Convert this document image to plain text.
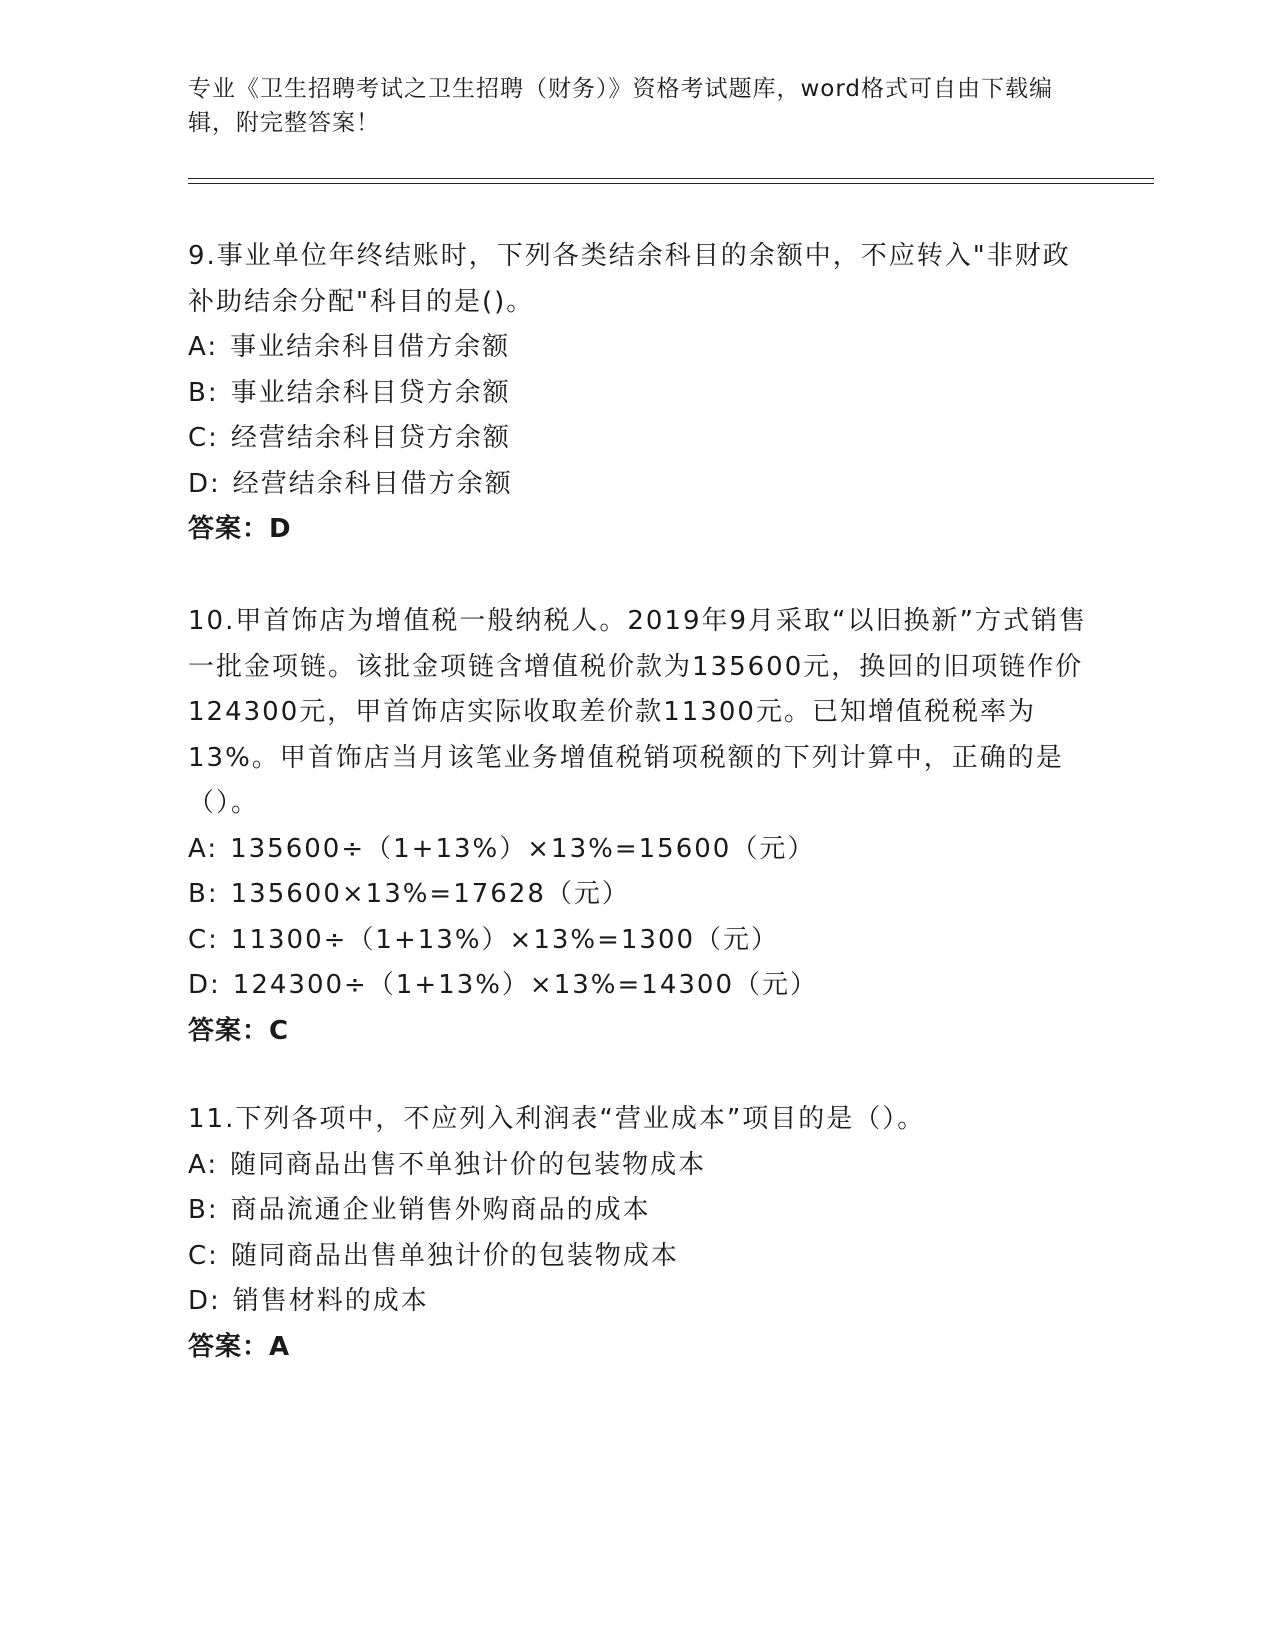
专业《卫生招聘考试之卫生招聘（财务）》资格考试题库，word格式可自由下载编辑，附完整答案！
9.事业单位年终结账时，下列各类结余科目的余额中，不应转入"非财政补助结余分配"科目的是()。
A: 事业结余科目借方余额
B: 事业结余科目贷方余额
C: 经营结余科目贷方余额
D: 经营结余科目借方余额
答案：D
10.甲首饰店为增值税一般纳税人。2019年9月采取“以旧换新”方式销售一批金项链。该批金项链含增值税价款为135600元，换回的旧项链作价124300元，甲首饰店实际收取差价款11300元。已知增值税税率为13%。甲首饰店当月该笔业务增值税销项税额的下列计算中，正确的是（）。
A: 135600÷（1+13%）×13%=15600（元）
B: 135600×13%=17628（元）
C: 11300÷（1+13%）×13%=1300（元）
D: 124300÷（1+13%）×13%=14300（元）
答案：C
11.下列各项中，不应列入利润表“营业成本”项目的是（）。
A: 随同商品出售不单独计价的包装物成本
B: 商品流通企业销售外购商品的成本
C: 随同商品出售单独计价的包装物成本
D: 销售材料的成本
答案：A
